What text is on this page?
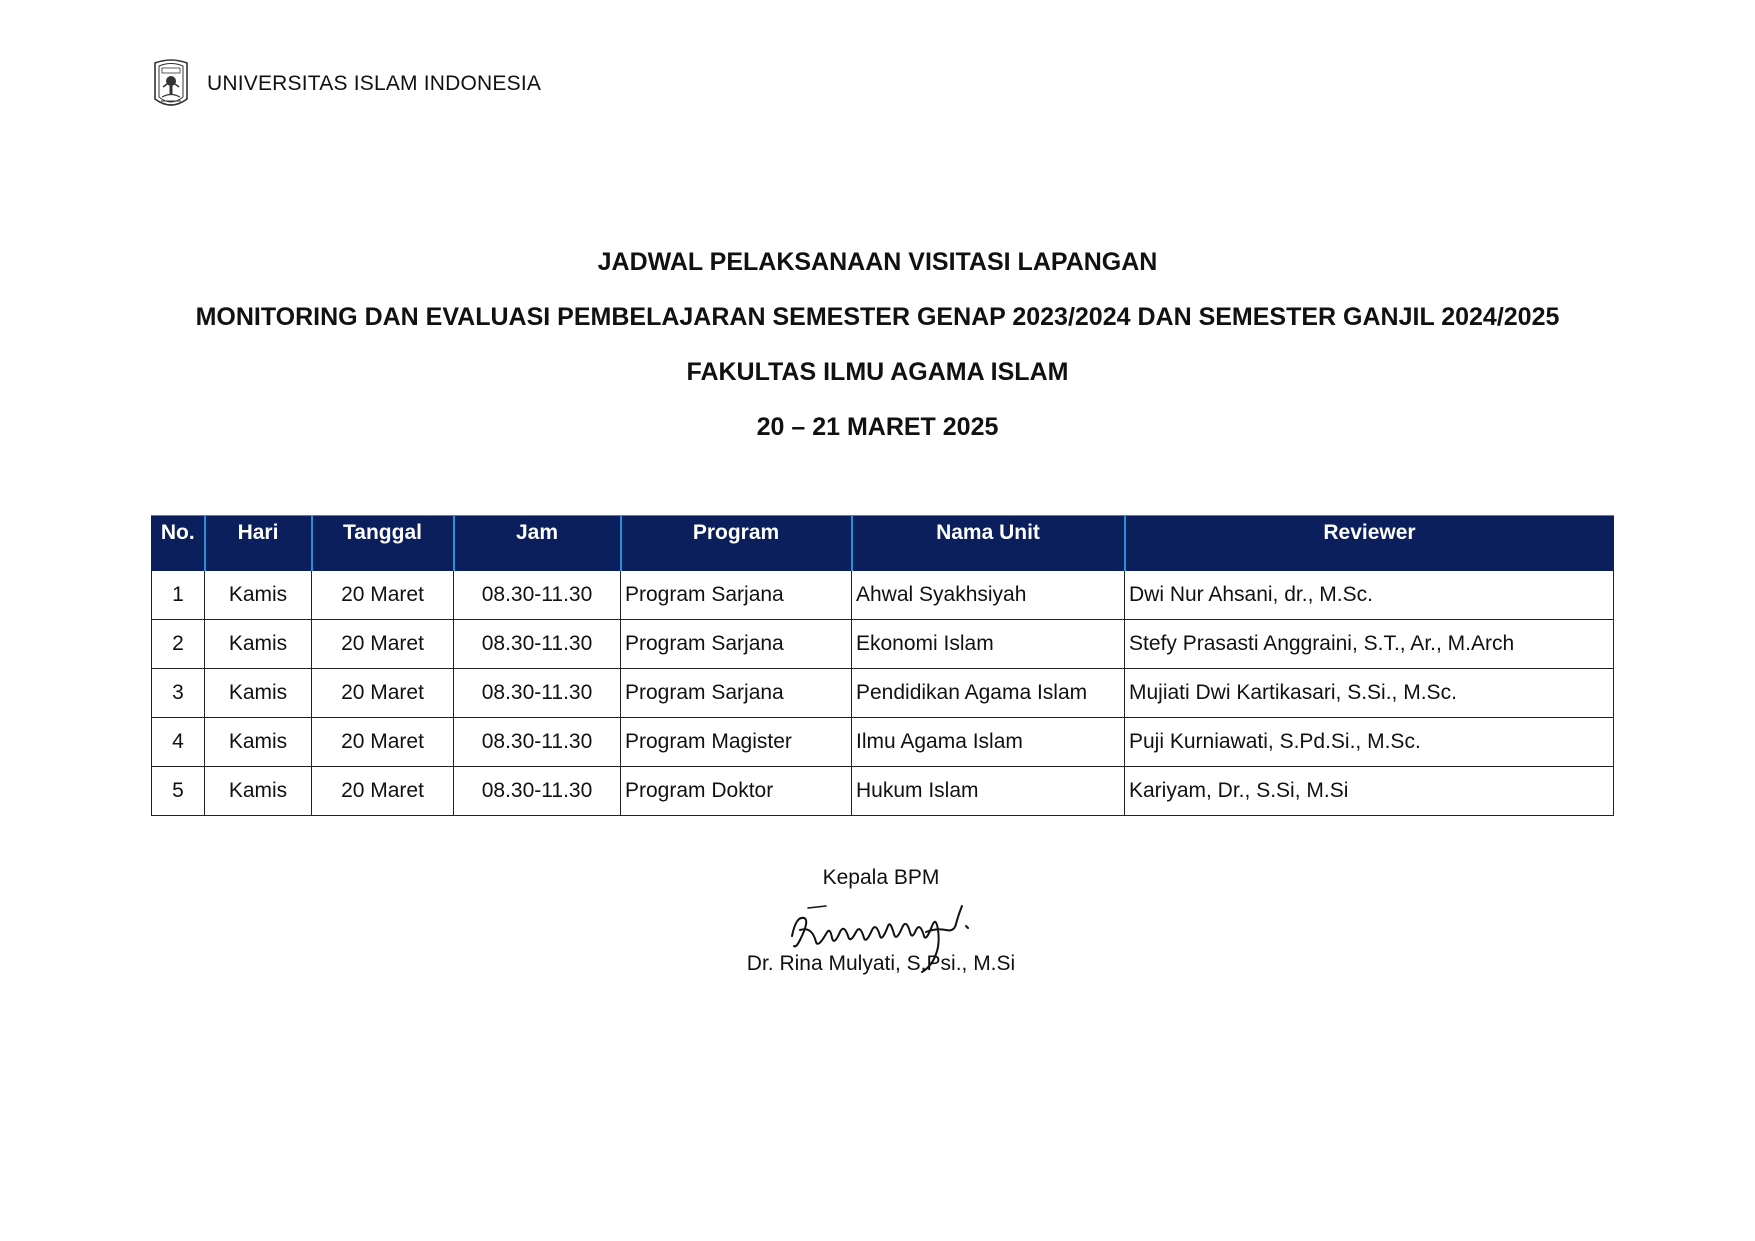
UNIVERSITAS ISLAM INDONESIA
JADWAL PELAKSANAAN VISITASI LAPANGAN
MONITORING DAN EVALUASI PEMBELAJARAN SEMESTER GENAP 2023/2024 DAN SEMESTER GANJIL 2024/2025
FAKULTAS ILMU AGAMA ISLAM
20 – 21 MARET 2025
No.	Hari	Tanggal	Jam	Program	Nama Unit	Reviewer
1	Kamis	20 Maret	08.30-11.30	Program Sarjana	Ahwal Syakhsiyah	Dwi Nur Ahsani, dr., M.Sc.
2	Kamis	20 Maret	08.30-11.30	Program Sarjana	Ekonomi Islam	Stefy Prasasti Anggraini, S.T., Ar., M.Arch
3	Kamis	20 Maret	08.30-11.30	Program Sarjana	Pendidikan Agama Islam	Mujiati Dwi Kartikasari, S.Si., M.Sc.
4	Kamis	20 Maret	08.30-11.30	Program Magister	Ilmu Agama Islam	Puji Kurniawati, S.Pd.Si., M.Sc.
5	Kamis	20 Maret	08.30-11.30	Program Doktor	Hukum Islam	Kariyam, Dr., S.Si, M.Si
Kepala BPM
Dr. Rina Mulyati, S.Psi., M.Si
